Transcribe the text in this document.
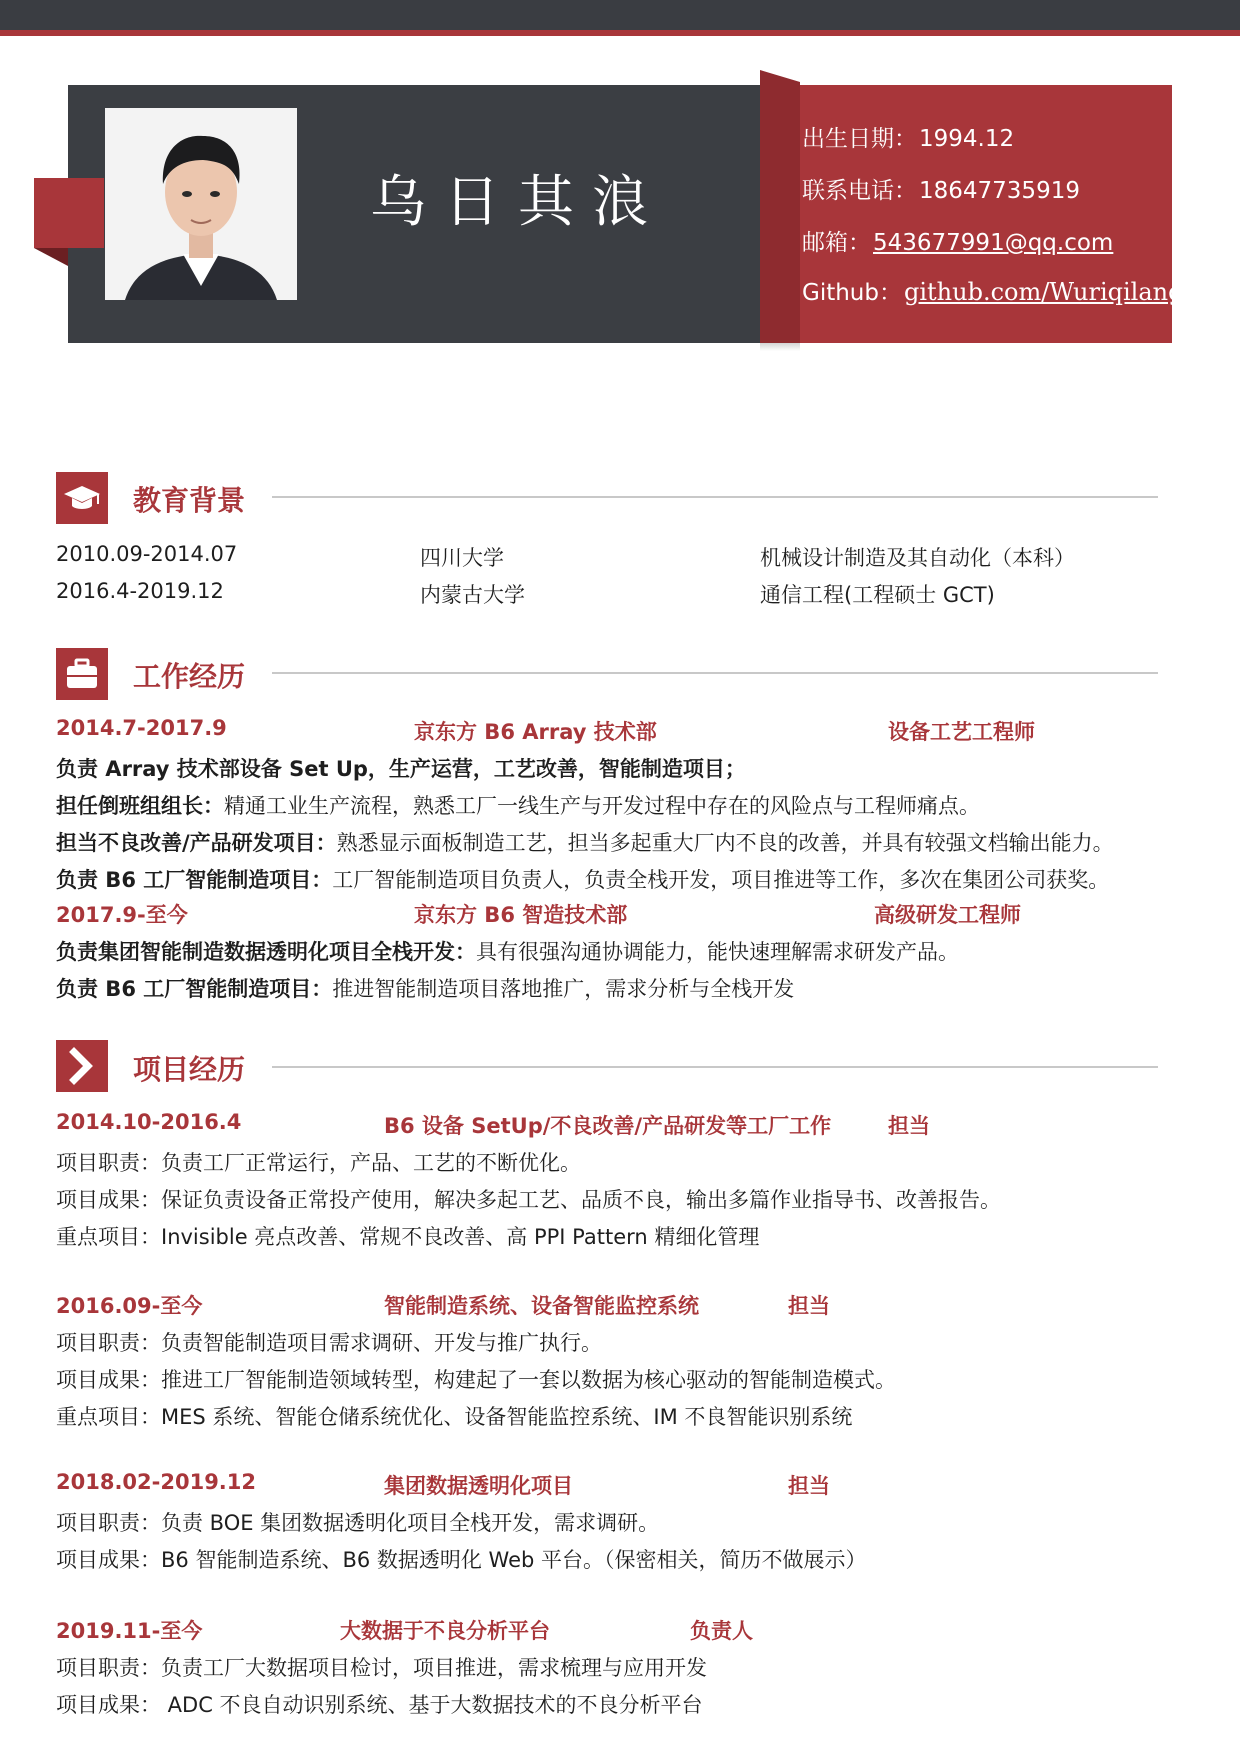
乌日其浪
出生日期：1994.12
联系电话：18647735919
邮箱：543677991@qq.com
Github：github.com/Wuriqilang
教育背景
2010.09-2014.07	四川大学	机械设计制造及其自动化（本科）
2016.4-2019.12	内蒙古大学	通信工程(工程硕士 GCT)
工作经历
2014.7-2017.9	京东方 B6 Array 技术部	设备工艺工程师
负责 Array 技术部设备 Set Up，生产运营，工艺改善，智能制造项目；
担任倒班组组长：精通工业生产流程，熟悉工厂一线生产与开发过程中存在的风险点与工程师痛点。
担当不良改善/产品研发项目：熟悉显示面板制造工艺，担当多起重大厂内不良的改善，并具有较强文档输出能力。
负责 B6 工厂智能制造项目：工厂智能制造项目负责人，负责全栈开发，项目推进等工作，多次在集团公司获奖。
2017.9-至今	京东方 B6 智造技术部	高级研发工程师
负责集团智能制造数据透明化项目全栈开发：具有很强沟通协调能力，能快速理解需求研发产品。
负责 B6 工厂智能制造项目：推进智能制造项目落地推广，需求分析与全栈开发
项目经历
2014.10-2016.4	B6 设备 SetUp/不良改善/产品研发等工厂工作	担当
项目职责：负责工厂正常运行，产品、工艺的不断优化。
项目成果：保证负责设备正常投产使用，解决多起工艺、品质不良，输出多篇作业指导书、改善报告。
重点项目：Invisible 亮点改善、常规不良改善、高 PPI Pattern 精细化管理
2016.09-至今	智能制造系统、设备智能监控系统	担当
项目职责：负责智能制造项目需求调研、开发与推广执行。
项目成果：推进工厂智能制造领域转型，构建起了一套以数据为核心驱动的智能制造模式。
重点项目：MES 系统、智能仓储系统优化、设备智能监控系统、IM 不良智能识别系统
2018.02-2019.12	集团数据透明化项目	担当
项目职责：负责 BOE 集团数据透明化项目全栈开发，需求调研。
项目成果：B6 智能制造系统、B6 数据透明化 Web 平台。（保密相关，简历不做展示）
2019.11-至今	大数据于不良分析平台	负责人
项目职责：负责工厂大数据项目检讨，项目推进，需求梳理与应用开发
项目成果： ADC 不良自动识别系统、基于大数据技术的不良分析平台
